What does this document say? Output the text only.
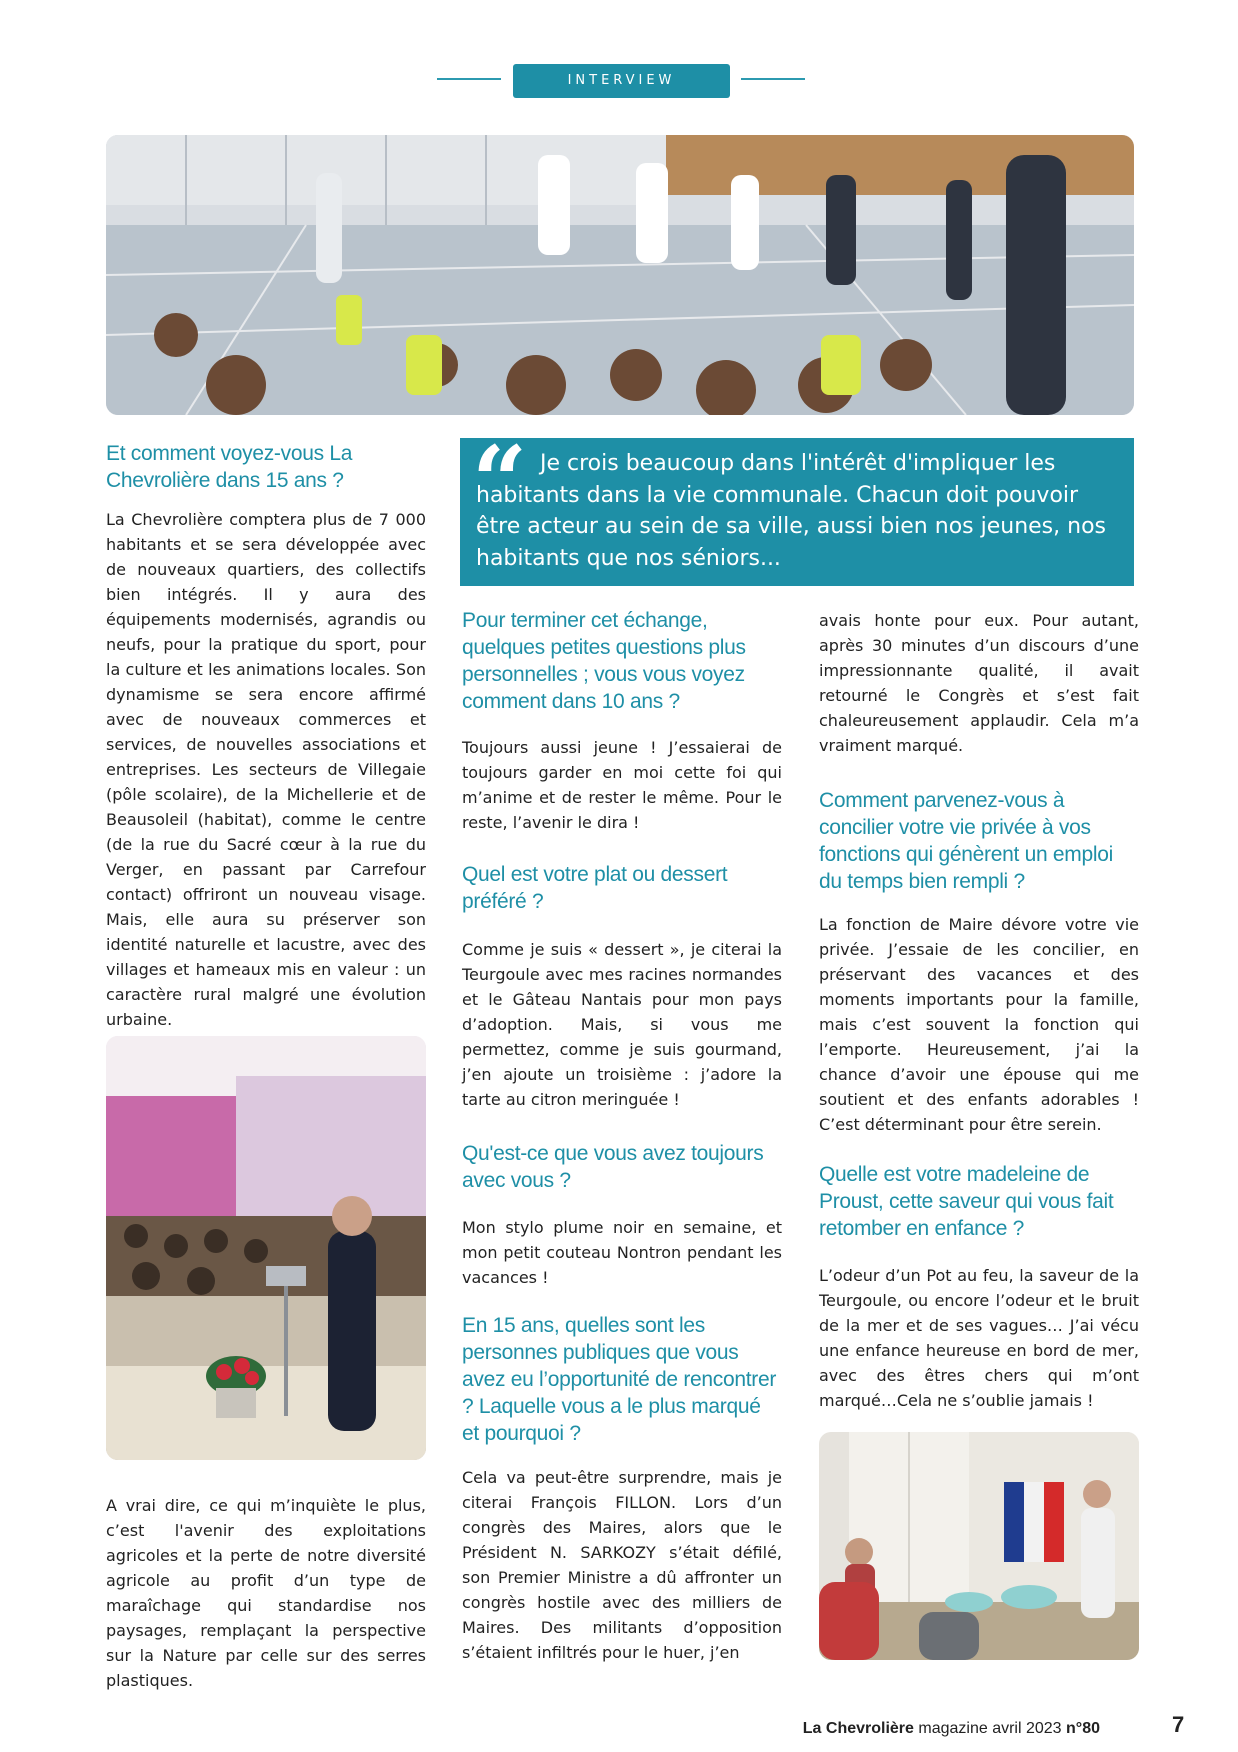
INTERVIEW
Et comment voyez-vous La Chevrolière dans 15 ans ?
La Chevrolière comptera plus de 7 000 habitants et se sera développée avec de nouveaux quartiers, des collectifs bien intégrés. Il y aura des équipements modernisés, agrandis ou neufs, pour la pratique du sport, pour la culture et les animations locales. Son dynamisme se sera encore affirmé avec de nouveaux commerces et services, de nouvelles associations et entreprises. Les secteurs de Villegaie (pôle scolaire), de la Michellerie et de Beausoleil (habitat), comme le centre (de la rue du Sacré cœur à la rue du Verger, en passant par Carrefour contact) offriront un nouveau visage. Mais, elle aura su préserver son identité naturelle et lacustre, avec des villages et hameaux mis en valeur : un caractère rural malgré une évolution urbaine.
A vrai dire, ce qui m’inquiète le plus, c’est l'avenir des exploitations agricoles et la perte de notre diversité agricole au profit d’un type de maraîchage qui standardise nos paysages, remplaçant la perspective sur la Nature par celle sur des serres plastiques.
“ Je crois beaucoup dans l'intérêt d'impliquer les habitants dans la vie communale. Chacun doit pouvoir être acteur au sein de sa ville, aussi bien nos jeunes, nos habitants que nos séniors...
Pour terminer cet échange, quelques petites questions plus personnelles ; vous vous voyez comment dans 10 ans ?
Toujours aussi jeune ! J’essaierai de toujours garder en moi cette foi qui m’anime et de rester le même. Pour le reste, l’avenir le dira !
Quel est votre plat ou dessert préféré ?
Comme je suis « dessert », je citerai la Teurgoule avec mes racines normandes et le Gâteau Nantais pour mon pays d’adoption. Mais, si vous me permettez, comme je suis gourmand, j’en ajoute un troisième : j’adore la tarte au citron meringuée !
Qu'est-ce que vous avez toujours avec vous ?
Mon stylo plume noir en semaine, et mon petit couteau Nontron pendant les vacances !
En 15 ans, quelles sont les personnes publiques que vous avez eu l’opportunité de rencontrer ? Laquelle vous a le plus marqué et pourquoi ?
Cela va peut-être surprendre, mais je citerai François FILLON. Lors d’un congrès des Maires, alors que le Président N. SARKOZY s’était défilé, son Premier Ministre a dû affronter un congrès hostile avec des milliers de Maires. Des militants d’opposition s’étaient infiltrés pour le huer, j’en
avais honte pour eux. Pour autant, après 30 minutes d’un discours d’une impressionnante qualité, il avait retourné le Congrès et s’est fait chaleureusement applaudir. Cela m’a vraiment marqué.
Comment parvenez-vous à concilier votre vie privée à vos fonctions qui génèrent un emploi du temps bien rempli ?
La fonction de Maire dévore votre vie privée. J’essaie de les concilier, en préservant des vacances et des moments importants pour la famille, mais c’est souvent la fonction qui l’emporte. Heureusement, j’ai la chance d’avoir une épouse qui me soutient et des enfants adorables ! C’est déterminant pour être serein.
Quelle est votre madeleine de Proust, cette saveur qui vous fait retomber en enfance ?
L’odeur d’un Pot au feu, la saveur de la Teurgoule, ou encore l’odeur et le bruit de la mer et de ses vagues… J’ai vécu une enfance heureuse en bord de mer, avec des êtres chers qui m’ont marqué…Cela ne s’oublie jamais !
La Chevrolière magazine avril 2023 n°80	7
